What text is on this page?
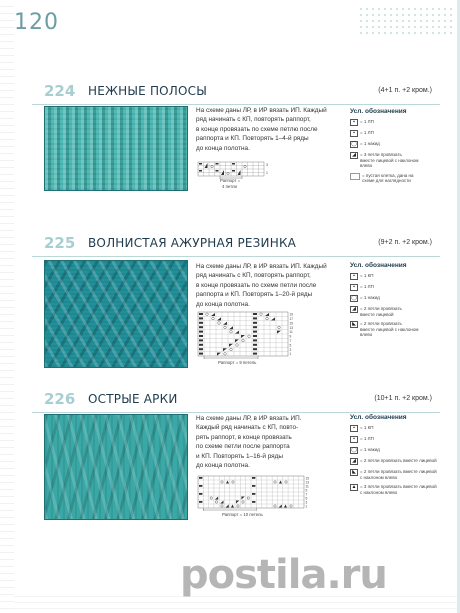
120
224 НЕЖНЫЕ ПОЛОСЫ	(4+1 п. +2 кром.)
На схеме даны ЛР, в ИР вязать ИП. Каждый
ряд начинать с КП, повторять раппорт,
в конце провязать по схеме петлю после
раппорта и КП. Повторять 1–4-й ряды
до конца полотна.
3
1
Раппорт =
4 петли
Усл. обозначения
▪	= 1 ЛП
▪	= 1 ЛП
◯ = 1 накид
◢ = 3 петли провязать
вместе лицевой с наклоном
влево
= пустая клетка, дана на
схеме для наглядности
225 ВОЛНИСТАЯ АЖУРНАЯ РЕЗИНКА	(9+2 п. +2 кром.)
На схеме даны ЛР, в ИР вязать ИП. Каждый
ряд начинать с КП, повторять раппорт,
в конце провязать по схеме петли после
раппорта и КП. Повторять 1–20-й ряды
до конца полотна.
19
17
15
13
11
9
7
5
3
1
Раппорт = 9 петель
Усл. обозначения
▪	= 1 КП
▪	= 1 ЛП
◯ = 1 накид
◢ = 2 петли провязать
вместе лицевой
◣ = 2 петли провязать
вместе лицевой с наклоном
влево
226 ОСТРЫЕ АРКИ	(10+1 п. +2 кром.)
На схеме даны ЛР, в ИР вязать ИП.
Каждый ряд начинать с КП, повто-
рять раппорт, в конце провязать
по схеме петли после раппорта
и КП. Повторять 1–16-й ряды
до конца полотна.
15
13
11
9
7
5
3
1
Раппорт = 10 петель
Усл. обозначения
▪	= 1 КП
▪	= 1 ЛП
◯ = 1 накид
◢ = 2 петли провязать вместе лицевой
◣ = 2 петли провязать вместе лицевой
с наклоном влево
▲ = 3 петли провязать вместе лицевой
с наклоном влево
postila.ru
